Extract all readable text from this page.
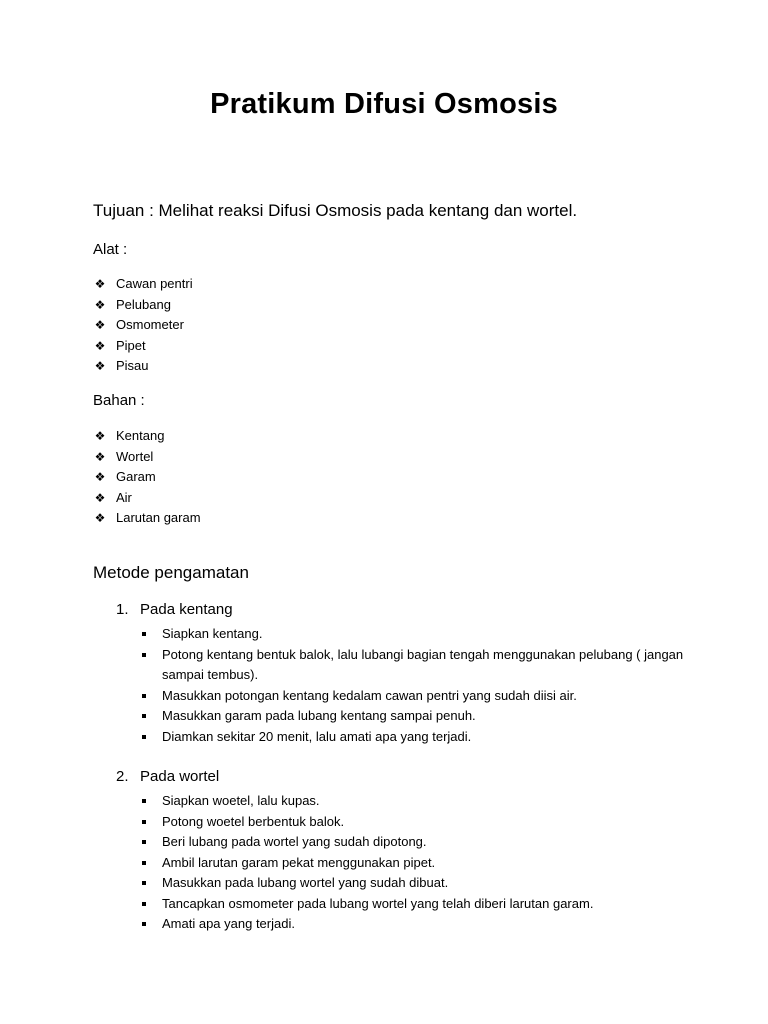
Pratikum Difusi Osmosis
Tujuan : Melihat reaksi Difusi Osmosis pada kentang dan wortel.
Alat :
❖ Cawan pentri
❖ Pelubang
❖ Osmometer
❖ Pipet
❖ Pisau
Bahan :
❖ Kentang
❖ Wortel
❖ Garam
❖ Air
❖ Larutan garam
Metode pengamatan
1. Pada kentang
Siapkan kentang.
Potong kentang bentuk balok, lalu lubangi bagian tengah menggunakan pelubang ( jangan sampai tembus).
Masukkan potongan kentang kedalam cawan pentri yang sudah diisi air.
Masukkan garam pada lubang kentang sampai penuh.
Diamkan sekitar 20 menit, lalu amati apa yang terjadi.
2. Pada wortel
Siapkan woetel, lalu kupas.
Potong woetel berbentuk balok.
Beri lubang pada wortel yang sudah dipotong.
Ambil larutan garam pekat menggunakan pipet.
Masukkan pada lubang wortel yang sudah dibuat.
Tancapkan osmometer pada lubang wortel yang telah diberi larutan garam.
Amati apa yang terjadi.
